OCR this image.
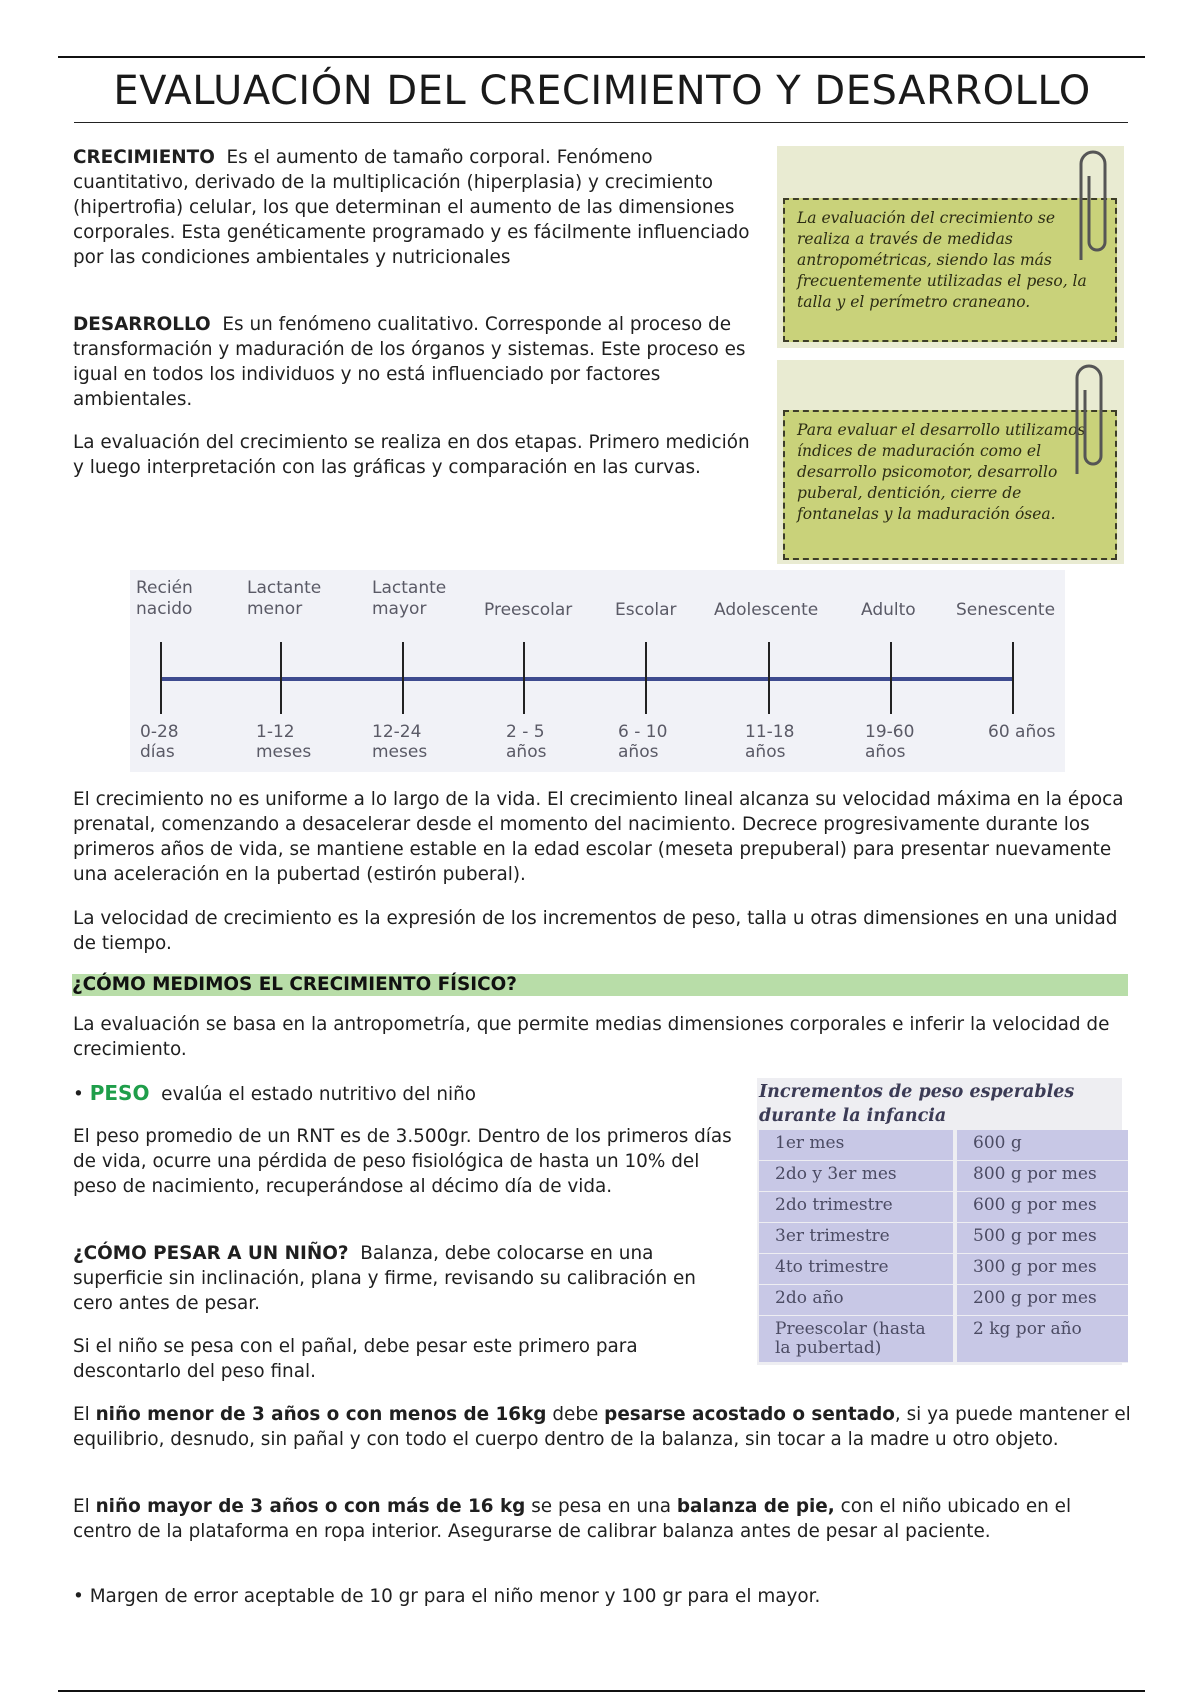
EVALUACIÓN DEL CRECIMIENTO Y DESARROLLO

CRECIMIENTO Es el aumento de tamaño corporal. Fenómeno cuantitativo, derivado de la multiplicación (hiperplasia) y crecimiento (hipertrofia) celular, los que determinan el aumento de las dimensiones corporales. Esta genéticamente programado y es fácilmente influenciado por las condiciones ambientales y nutricionales

DESARROLLO Es un fenómeno cualitativo. Corresponde al proceso de transformación y maduración de los órganos y sistemas. Este proceso es igual en todos los individuos y no está influenciado por factores ambientales.

La evaluación del crecimiento se realiza en dos etapas. Primero medición y luego interpretación con las gráficas y comparación en las curvas.

La evaluación del crecimiento se realiza a través de medidas antropométricas, siendo las más frecuentemente utilizadas el peso, la talla y el perímetro craneano.
Para evaluar el desarrollo utilizamos índices de maduración como el desarrollo psicomotor, desarrollo puberal, dentición, cierre de fontanelas y la maduración ósea.
Recién
nacido
Lactante
menor
Lactante
mayor	Preescolar	Escolar Adolescente	Adulto Senescente
0-28
días
1-12
meses
12-24
meses
2 - 5
años
6 - 10
años
11-18
años
19-60
años
60 años

El crecimiento no es uniforme a lo largo de la vida. El crecimiento lineal alcanza su velocidad máxima en la época prenatal, comenzando a desacelerar desde el momento del nacimiento. Decrece progresivamente durante los primeros años de vida, se mantiene estable en la edad escolar (meseta prepuberal) para presentar nuevamente una aceleración en la pubertad (estirón puberal).

La velocidad de crecimiento es la expresión de los incrementos de peso, talla u otras dimensiones en una unidad de tiempo.

¿CÓMO MEDIMOS EL CRECIMIENTO FÍSICO?

La evaluación se basa en la antropometría, que permite medias dimensiones corporales e inferir la velocidad de crecimiento.

• PESO evalúa el estado nutritivo del niño

El peso promedio de un RNT es de 3.500gr. Dentro de los primeros días de vida, ocurre una pérdida de peso fisiológica de hasta un 10% del peso de nacimiento, recuperándose al décimo día de vida.

¿CÓMO PESAR A UN NIÑO? Balanza, debe colocarse en una superficie sin inclinación, plana y firme, revisando su calibración en cero antes de pesar.

Si el niño se pesa con el pañal, debe pesar este primero para descontarlo del peso final.

Incrementos de peso esperables durante la infancia
1er mes	600 g
2do y 3er mes	800 g por mes
2do trimestre	600 g por mes
3er trimestre	500 g por mes
4to trimestre	300 g por mes
2do año	200 g por mes
Preescolar (hasta la pubertad)	2 kg por año

El niño menor de 3 años o con menos de 16kg debe pesarse acostado o sentado, si ya puede mantener el equilibrio, desnudo, sin pañal y con todo el cuerpo dentro de la balanza, sin tocar a la madre u otro objeto.

El niño mayor de 3 años o con más de 16 kg se pesa en una balanza de pie, con el niño ubicado en el centro de la plataforma en ropa interior. Asegurarse de calibrar balanza antes de pesar al paciente.

• Margen de error aceptable de 10 gr para el niño menor y 100 gr para el mayor.
